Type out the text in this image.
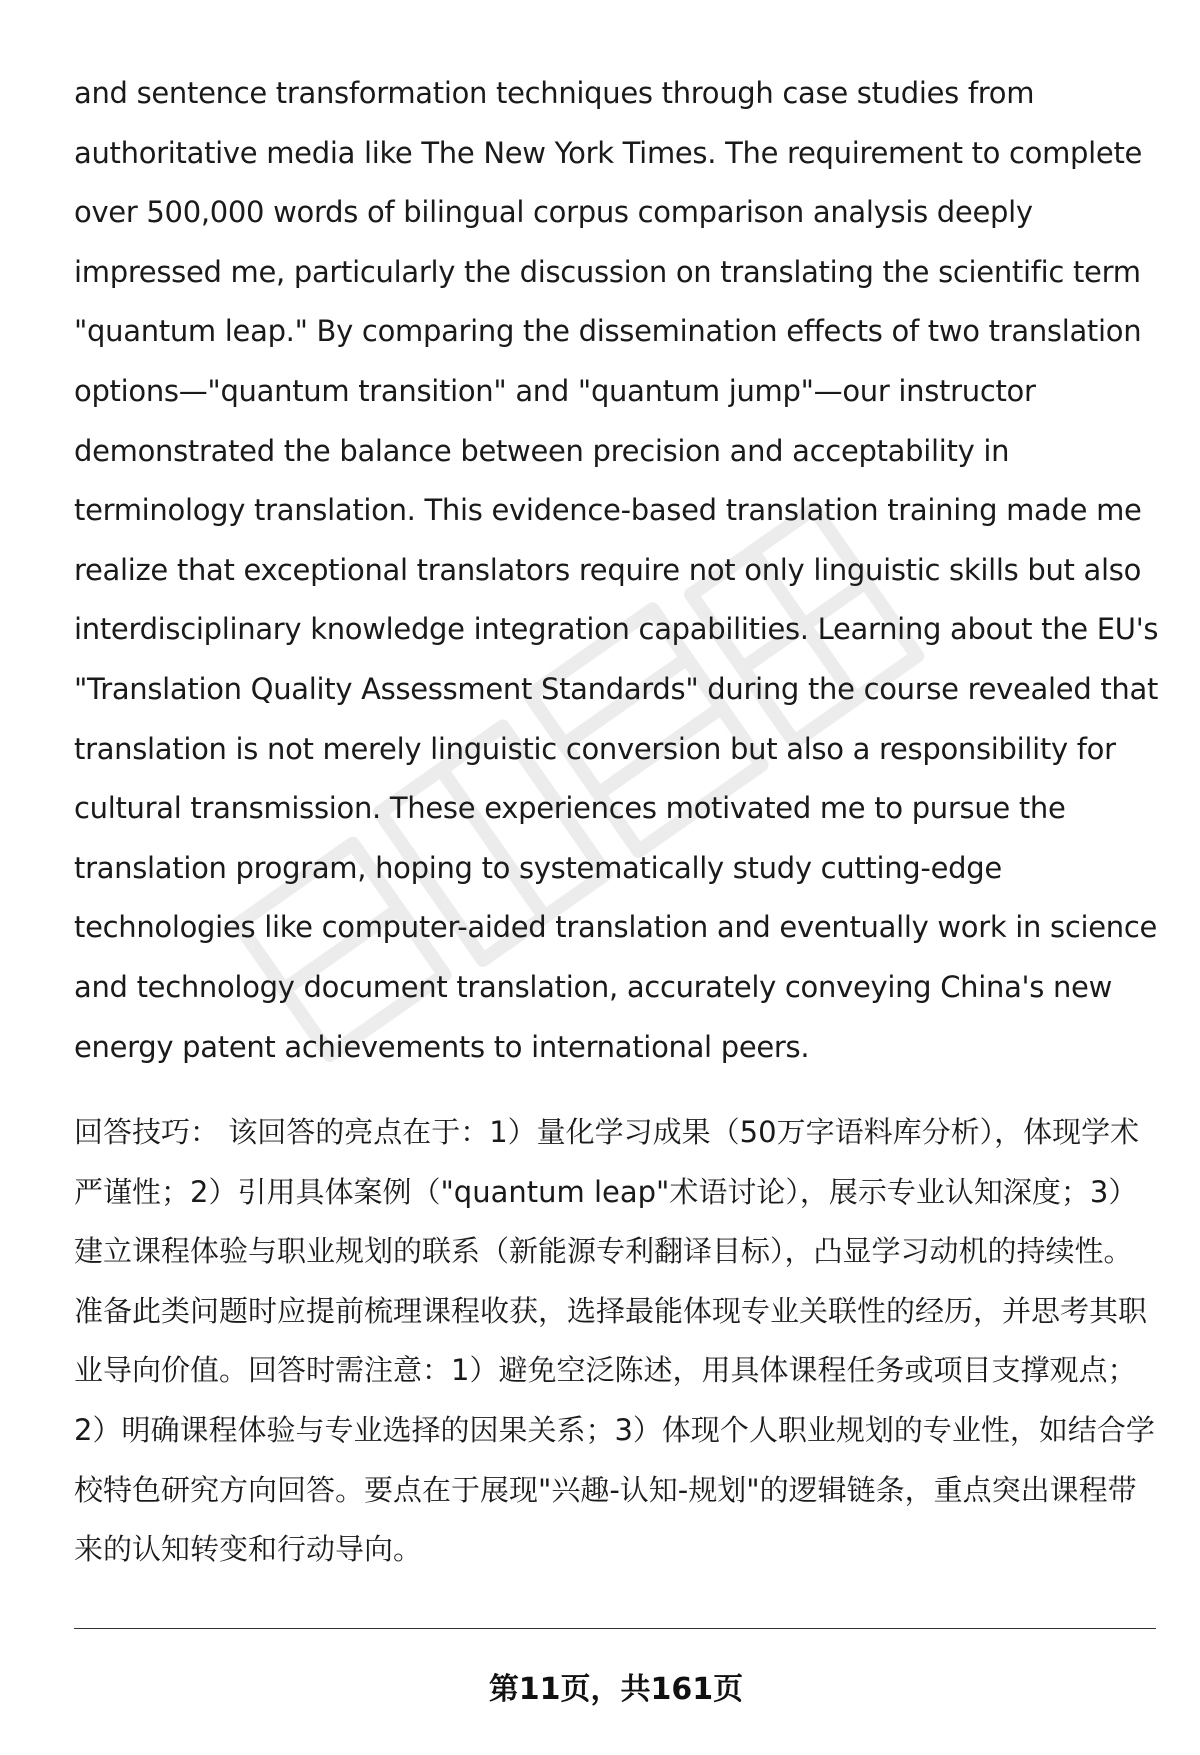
and sentence transformation techniques through case studies from authoritative media like The New York Times. The requirement to complete over 500,000 words of bilingual corpus comparison analysis deeply impressed me, particularly the discussion on translating the scientific term "quantum leap." By comparing the dissemination effects of two translation options—"quantum transition" and "quantum jump"—our instructor demonstrated the balance between precision and acceptability in terminology translation. This evidence-based translation training made me realize that exceptional translators require not only linguistic skills but also interdisciplinary knowledge integration capabilities. Learning about the EU's "Translation Quality Assessment Standards" during the course revealed that translation is not merely linguistic conversion but also a responsibility for cultural transmission. These experiences motivated me to pursue the translation program, hoping to systematically study cutting-edge technologies like computer-aided translation and eventually work in science and technology document translation, accurately conveying China's new energy patent achievements to international peers.

回答技巧： 该回答的亮点在于：1）量化学习成果（50万字语料库分析），体现学术严谨性；2）引用具体案例（"quantum leap"术语讨论），展示专业认知深度；3）建立课程体验与职业规划的联系（新能源专利翻译目标），凸显学习动机的持续性。准备此类问题时应提前梳理课程收获，选择最能体现专业关联性的经历，并思考其职业导向价值。回答时需注意：1）避免空泛陈述，用具体课程任务或项目支撑观点；2）明确课程体验与专业选择的因果关系；3）体现个人职业规划的专业性，如结合学校特色研究方向回答。要点在于展现"兴趣-认知-规划"的逻辑链条，重点突出课程带来的认知转变和行动导向。

第11页，共161页
